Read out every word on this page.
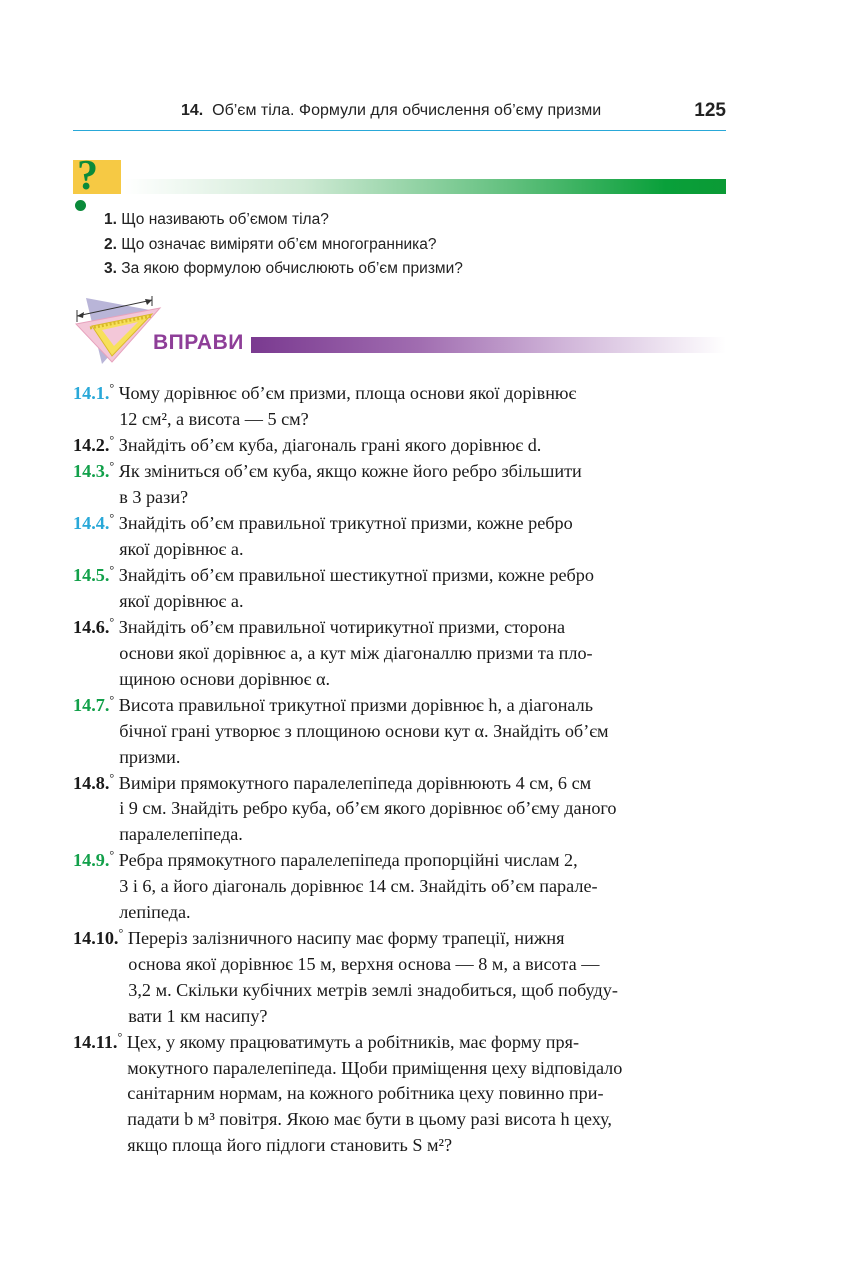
14. Об’єм тіла. Формули для обчислення об’єму призми	125
?
1. Що називають об’ємом тіла?
2. Що означає виміряти об’єм многогранника?
3. За якою формулою обчислюють об’єм призми?
ВПРАВИ
14.1.° Чому дорівнює об’єм призми, площа основи якої дорівнює
12 см², а висота — 5 см?
14.2.° Знайдіть об’єм куба, діагональ грані якого дорівнює d.
14.3.° Як зміниться об’єм куба, якщо кожне його ребро збільшити
в 3 рази?
14.4.° Знайдіть об’єм правильної трикутної призми, кожне ребро
якої дорівнює a.
14.5.° Знайдіть об’єм правильної шестикутної призми, кожне ребро
якої дорівнює a.
14.6.° Знайдіть об’єм правильної чотирикутної призми, сторона
основи якої дорівнює a, а кут між діагоналлю призми та пло-
щиною основи дорівнює α.
14.7.° Висота правильної трикутної призми дорівнює h, а діагональ
бічної грані утворює з площиною основи кут α. Знайдіть об’єм
призми.
14.8.° Виміри прямокутного паралелепіпеда дорівнюють 4 см, 6 см
і 9 см. Знайдіть ребро куба, об’єм якого дорівнює об’єму даного
паралелепіпеда.
14.9.° Ребра прямокутного паралелепіпеда пропорційні числам 2,
3 і 6, а його діагональ дорівнює 14 см. Знайдіть об’єм парале-
лепіпеда.
14.10.° Переріз залізничного насипу має форму трапеції, нижня
основа якої дорівнює 15 м, верхня основа — 8 м, а висота —
3,2 м. Скільки кубічних метрів землі знадобиться, щоб побуду-
вати 1 км насипу?
14.11.° Цех, у якому працюватимуть a робітників, має форму пря-
мокутного паралелепіпеда. Щоби приміщення цеху відповідало
санітарним нормам, на кожного робітника цеху повинно при-
падати b м³ повітря. Якою має бути в цьому разі висота h цеху,
якщо площа його підлоги становить S м²?
